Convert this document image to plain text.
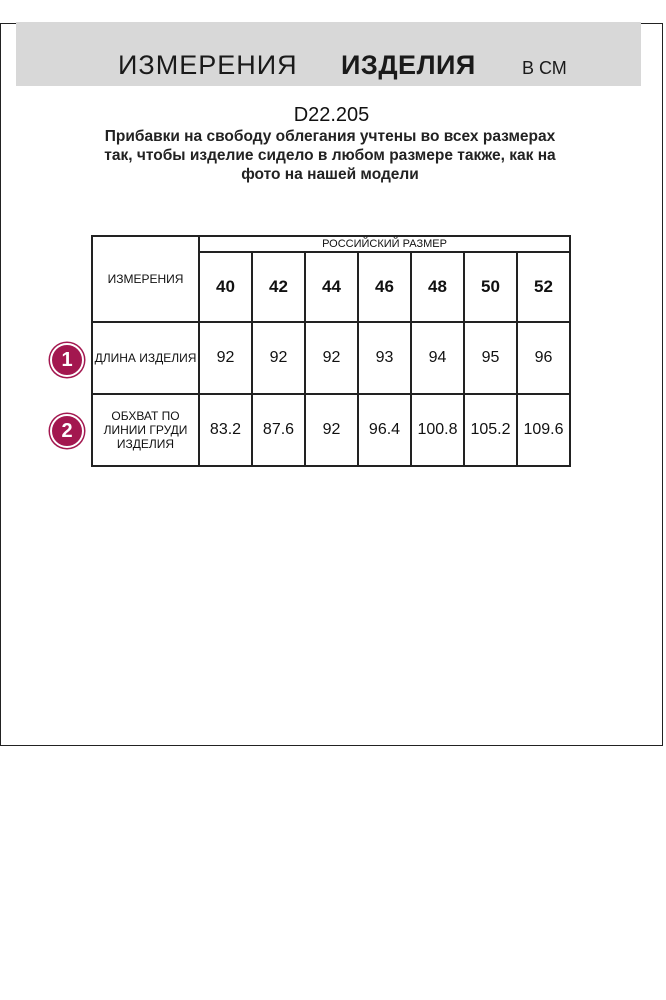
ИЗМЕРЕНИЯ ИЗДЕЛИЯ	В СМ
D22.205
Прибавки на свободу облегания учтены во всех размерах так, чтобы изделие сидело в любом размере также, как на фото на нашей модели
1
2
ИЗМЕРЕНИЯ	РОССИЙСКИЙ РАЗМЕР						
	40	42	44	46	48	50	52
ДЛИНА ИЗДЕЛИЯ	92	92	92	93	94	95	96
ОБХВАТ ПО ЛИНИИ ГРУДИ ИЗДЕЛИЯ	83.2	87.6	92	96.4	100.8	105.2	109.6
